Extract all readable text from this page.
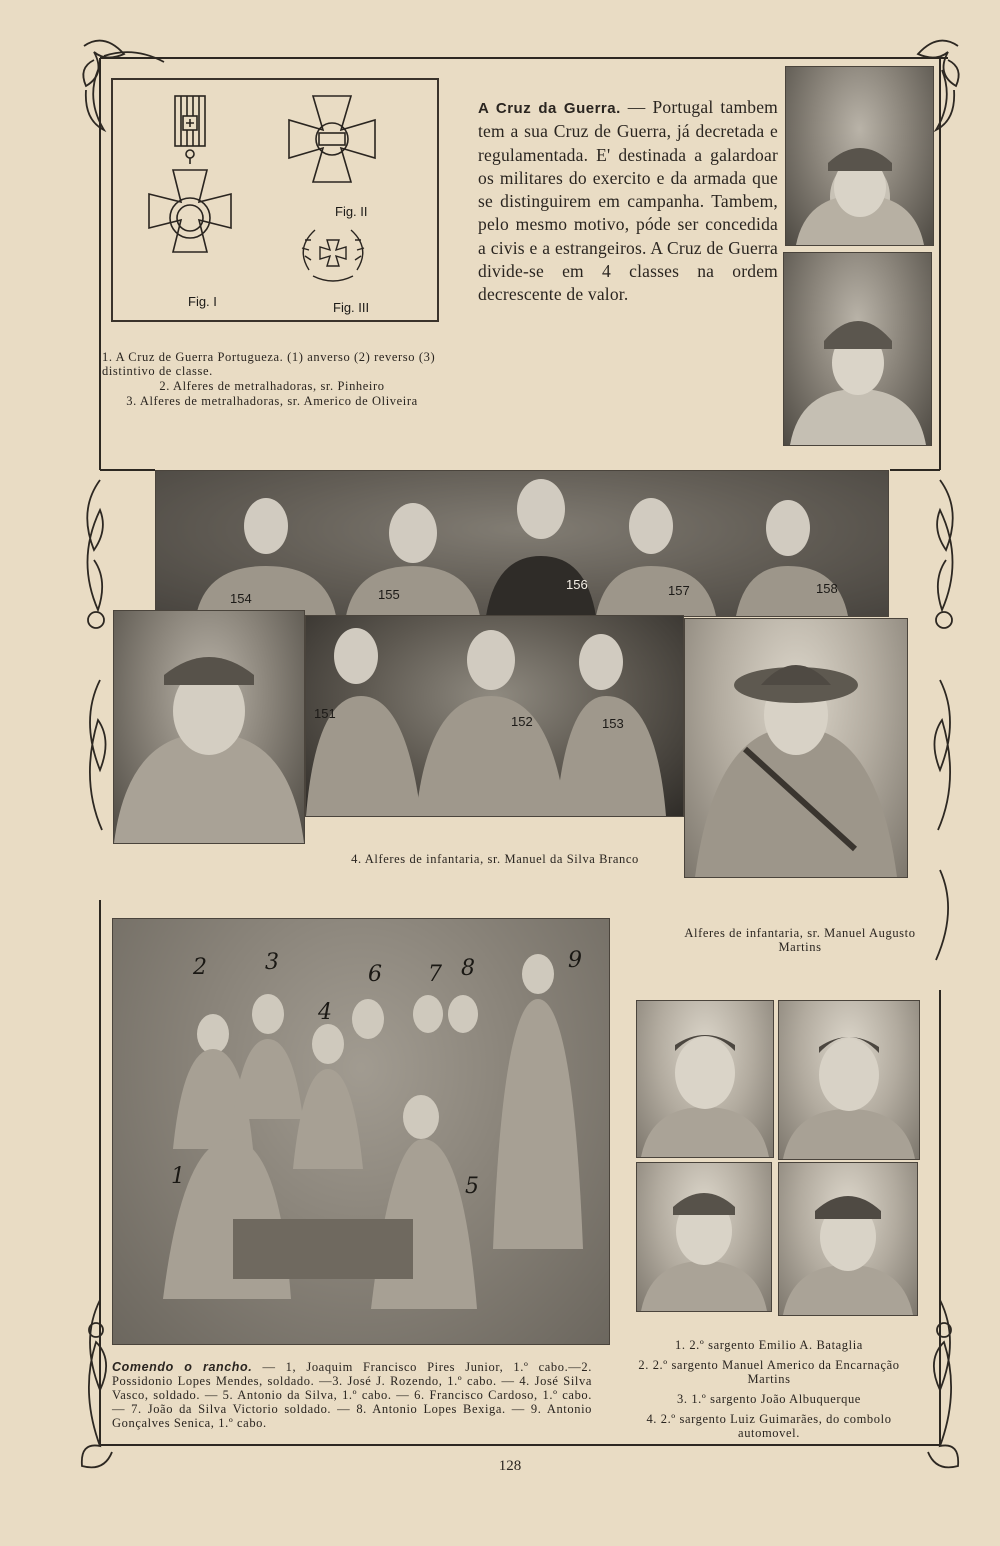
Fig. I
Fig. II
Fig. III

1. A Cruz de Guerra Portugueza. (1) anverso (2) reverso (3) distintivo de classe.

2. Alferes de metralhadoras, sr. Pinheiro

3. Alferes de metralhadoras, sr. Americo de Oliveira

A Cruz da Guerra. — Portugal tambem tem a sua Cruz de Guerra, já decretada e regulamentada. E' destinada a galardoar os militares do exercito e da armada que se distinguirem em campanha. Tambem, pelo mesmo motivo, póde ser concedida a civis e a estrangeiros. A Cruz de Guerra divide-se em 4 classes na ordem decrescente de valor.
154	155
156	157	158
151
152	153
4. Alferes de infantaria, sr. Manuel da Silva Branco
Alferes de infantaria, sr. Manuel Augusto Martins
2	3
4
6 7 8	9
1	5
Comendo o rancho. — 1, Joaquim Francisco Pires Junior, 1.º cabo.—2. Possidonio Lopes Mendes, soldado. —3. José J. Rozendo, 1.º cabo. — 4. José Silva Vasco, soldado. — 5. Antonio da Silva, 1.º cabo. — 6. Francisco Cardoso, 1.º cabo. — 7. João da Silva Victorio soldado. — 8. Antonio Lopes Bexiga. — 9. Antonio Gonçalves Senica, 1.º cabo.

1. 2.º sargento Emilio A. Bataglia

2. 2.º sargento Manuel Americo da Encarnação Martins

3. 1.º sargento João Albuquerque

4. 2.º sargento Luiz Guimarães, do combolo automovel.

128
